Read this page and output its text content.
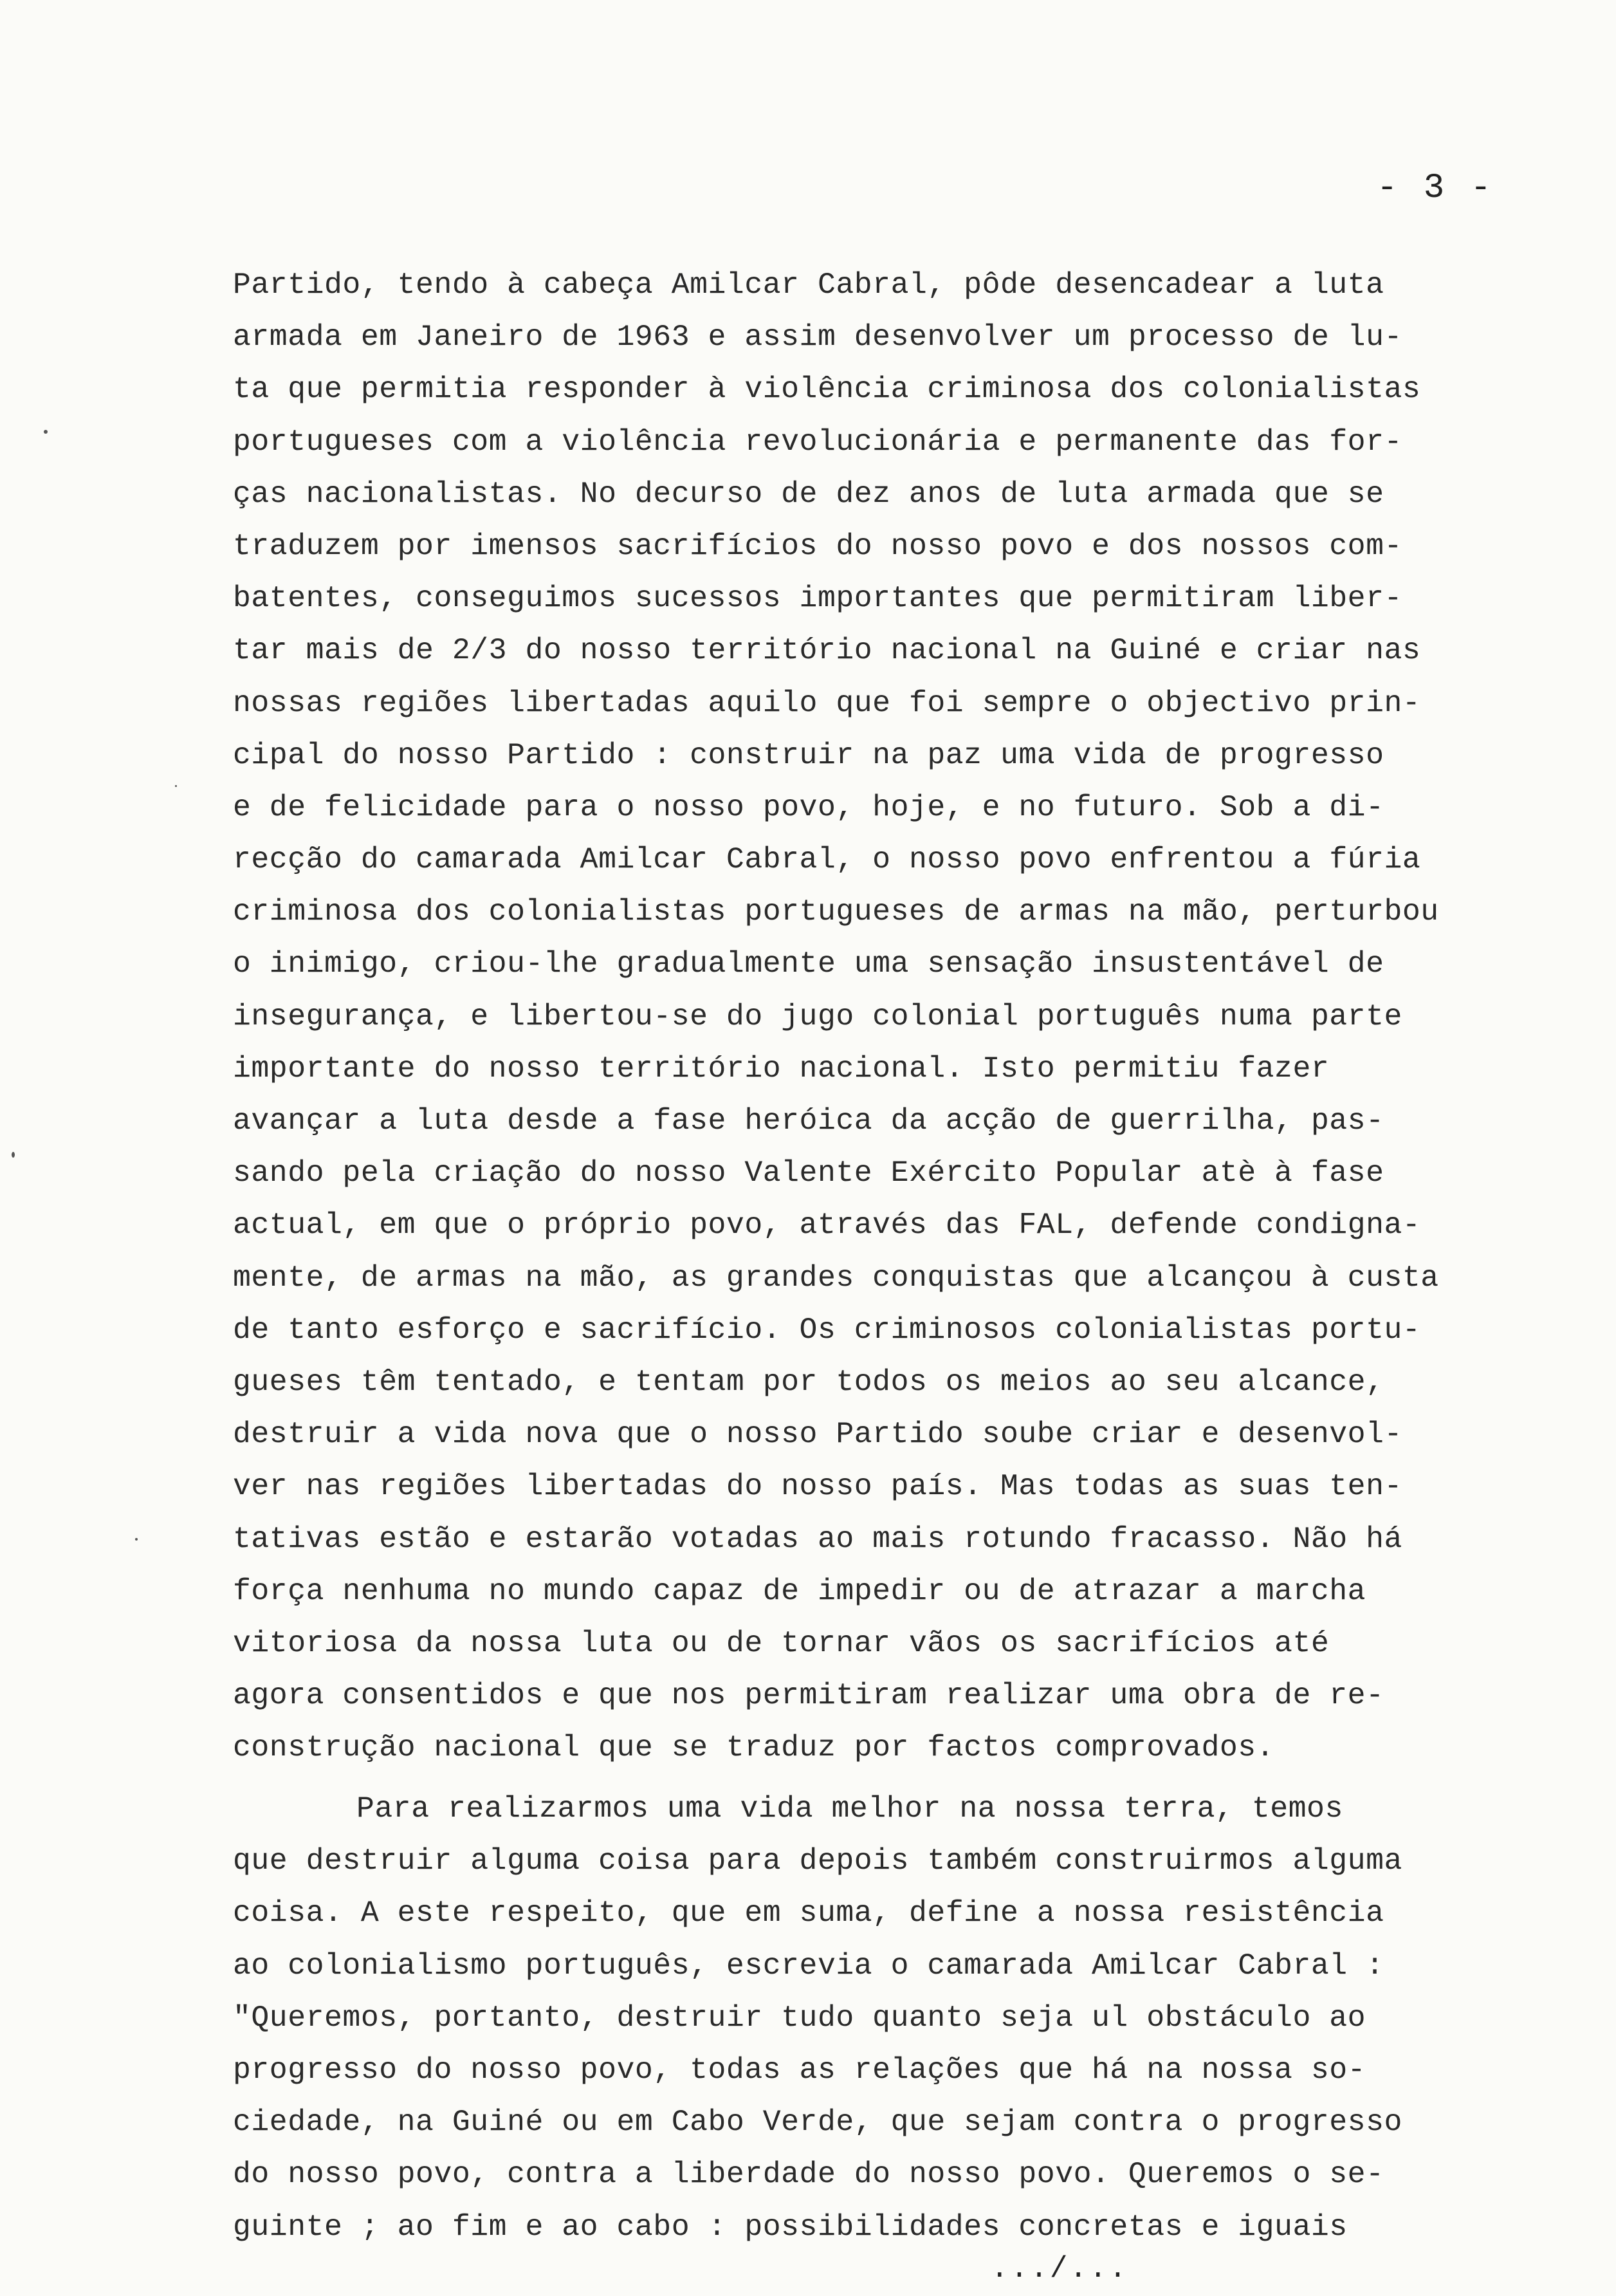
- 3 -
Partido, tendo à cabeça Amilcar Cabral, pôde desencadear a luta
armada em Janeiro de 1963 e assim desenvolver um processo de lu-
ta que permitia responder à violência criminosa dos colonialistas
portugueses com a violência revolucionária e permanente das for-
ças nacionalistas. No decurso de dez anos de luta armada que se
traduzem por imensos sacrifícios do nosso povo e dos nossos com-
batentes, conseguimos sucessos importantes que permitiram liber-
tar mais de 2/3 do nosso território nacional na Guiné e criar nas
nossas regiões libertadas aquilo que foi sempre o objectivo prin-
cipal do nosso Partido : construir na paz uma vida de progresso
e de felicidade para o nosso povo, hoje, e no futuro. Sob a di-
recção do camarada Amilcar Cabral, o nosso povo enfrentou a fúria
criminosa dos colonialistas portugueses de armas na mão, perturbou
o inimigo, criou-lhe gradualmente uma sensação insustentável de
insegurança, e libertou-se do jugo colonial português numa parte
importante do nosso território nacional. Isto permitiu fazer
avançar a luta desde a fase heróica da acção de guerrilha, pas-
sando pela criação do nosso Valente Exército Popular atè à fase
actual, em que o próprio povo, através das FAL, defende condigna-
mente, de armas na mão, as grandes conquistas que alcançou à custa
de tanto esforço e sacrifício. Os criminosos colonialistas portu-
gueses têm tentado, e tentam por todos os meios ao seu alcance,
destruir a vida nova que o nosso Partido soube criar e desenvol-
ver nas regiões libertadas do nosso país. Mas todas as suas ten-
tativas estão e estarão votadas ao mais rotundo fracasso. Não há
força nenhuma no mundo capaz de impedir ou de atrazar a marcha
vitoriosa da nossa luta ou de tornar vãos os sacrifícios até
agora consentidos e que nos permitiram realizar uma obra de re-
construção nacional que se traduz por factos comprovados.
Para realizarmos uma vida melhor na nossa terra, temos
que destruir alguma coisa para depois também construirmos alguma
coisa. A este respeito, que em suma, define a nossa resistência
ao colonialismo português, escrevia o camarada Amilcar Cabral :
"Queremos, portanto, destruir tudo quanto seja ul obstáculo ao
progresso do nosso povo, todas as relações que há na nossa so-
ciedade, na Guiné ou em Cabo Verde, que sejam contra o progresso
do nosso povo, contra a liberdade do nosso povo. Queremos o se-
guinte ; ao fim e ao cabo : possibilidades concretas e iguais
.../...
